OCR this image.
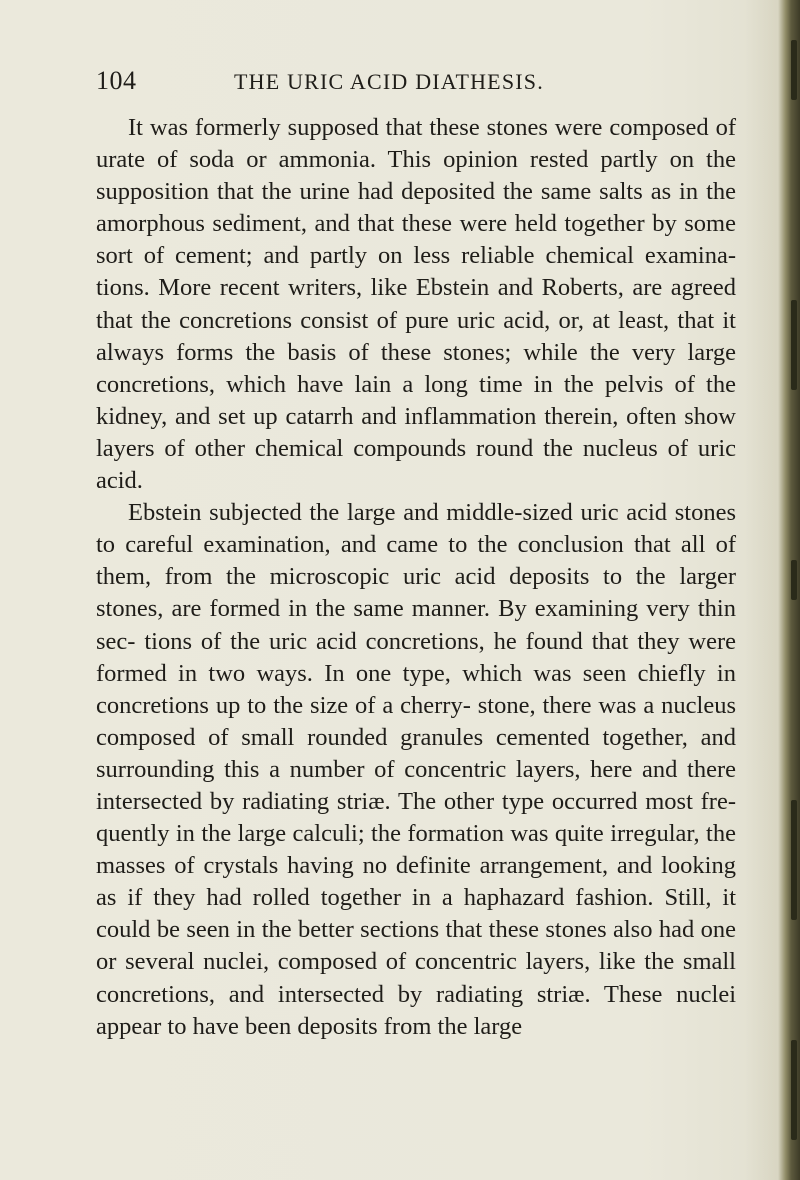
104	THE URIC ACID DIATHESIS.

It was formerly supposed that these stones were composed of urate of soda or ammonia. This opinion rested partly on the supposition that the urine had deposited the same salts as in the amorphous sediment, and that these were held together by some sort of cement; and partly on less reliable chemical examina- tions. More recent writers, like Ebstein and Roberts, are agreed that the concretions consist of pure uric acid, or, at least, that it always forms the basis of these stones; while the very large concretions, which have lain a long time in the pelvis of the kidney, and set up catarrh and inflammation therein, often show layers of other chemical compounds round the nucleus of uric acid.

Ebstein subjected the large and middle-sized uric acid stones to careful examination, and came to the conclusion that all of them, from the microscopic uric acid deposits to the larger stones, are formed in the same manner. By examining very thin sec- tions of the uric acid concretions, he found that they were formed in two ways. In one type, which was seen chiefly in concretions up to the size of a cherry- stone, there was a nucleus composed of small rounded granules cemented together, and surrounding this a number of concentric layers, here and there intersected by radiating striæ. The other type occurred most fre- quently in the large calculi; the formation was quite irregular, the masses of crystals having no definite arrangement, and looking as if they had rolled together in a haphazard fashion. Still, it could be seen in the better sections that these stones also had one or several nuclei, composed of concentric layers, like the small concretions, and intersected by radiating striæ. These nuclei appear to have been deposits from the large
